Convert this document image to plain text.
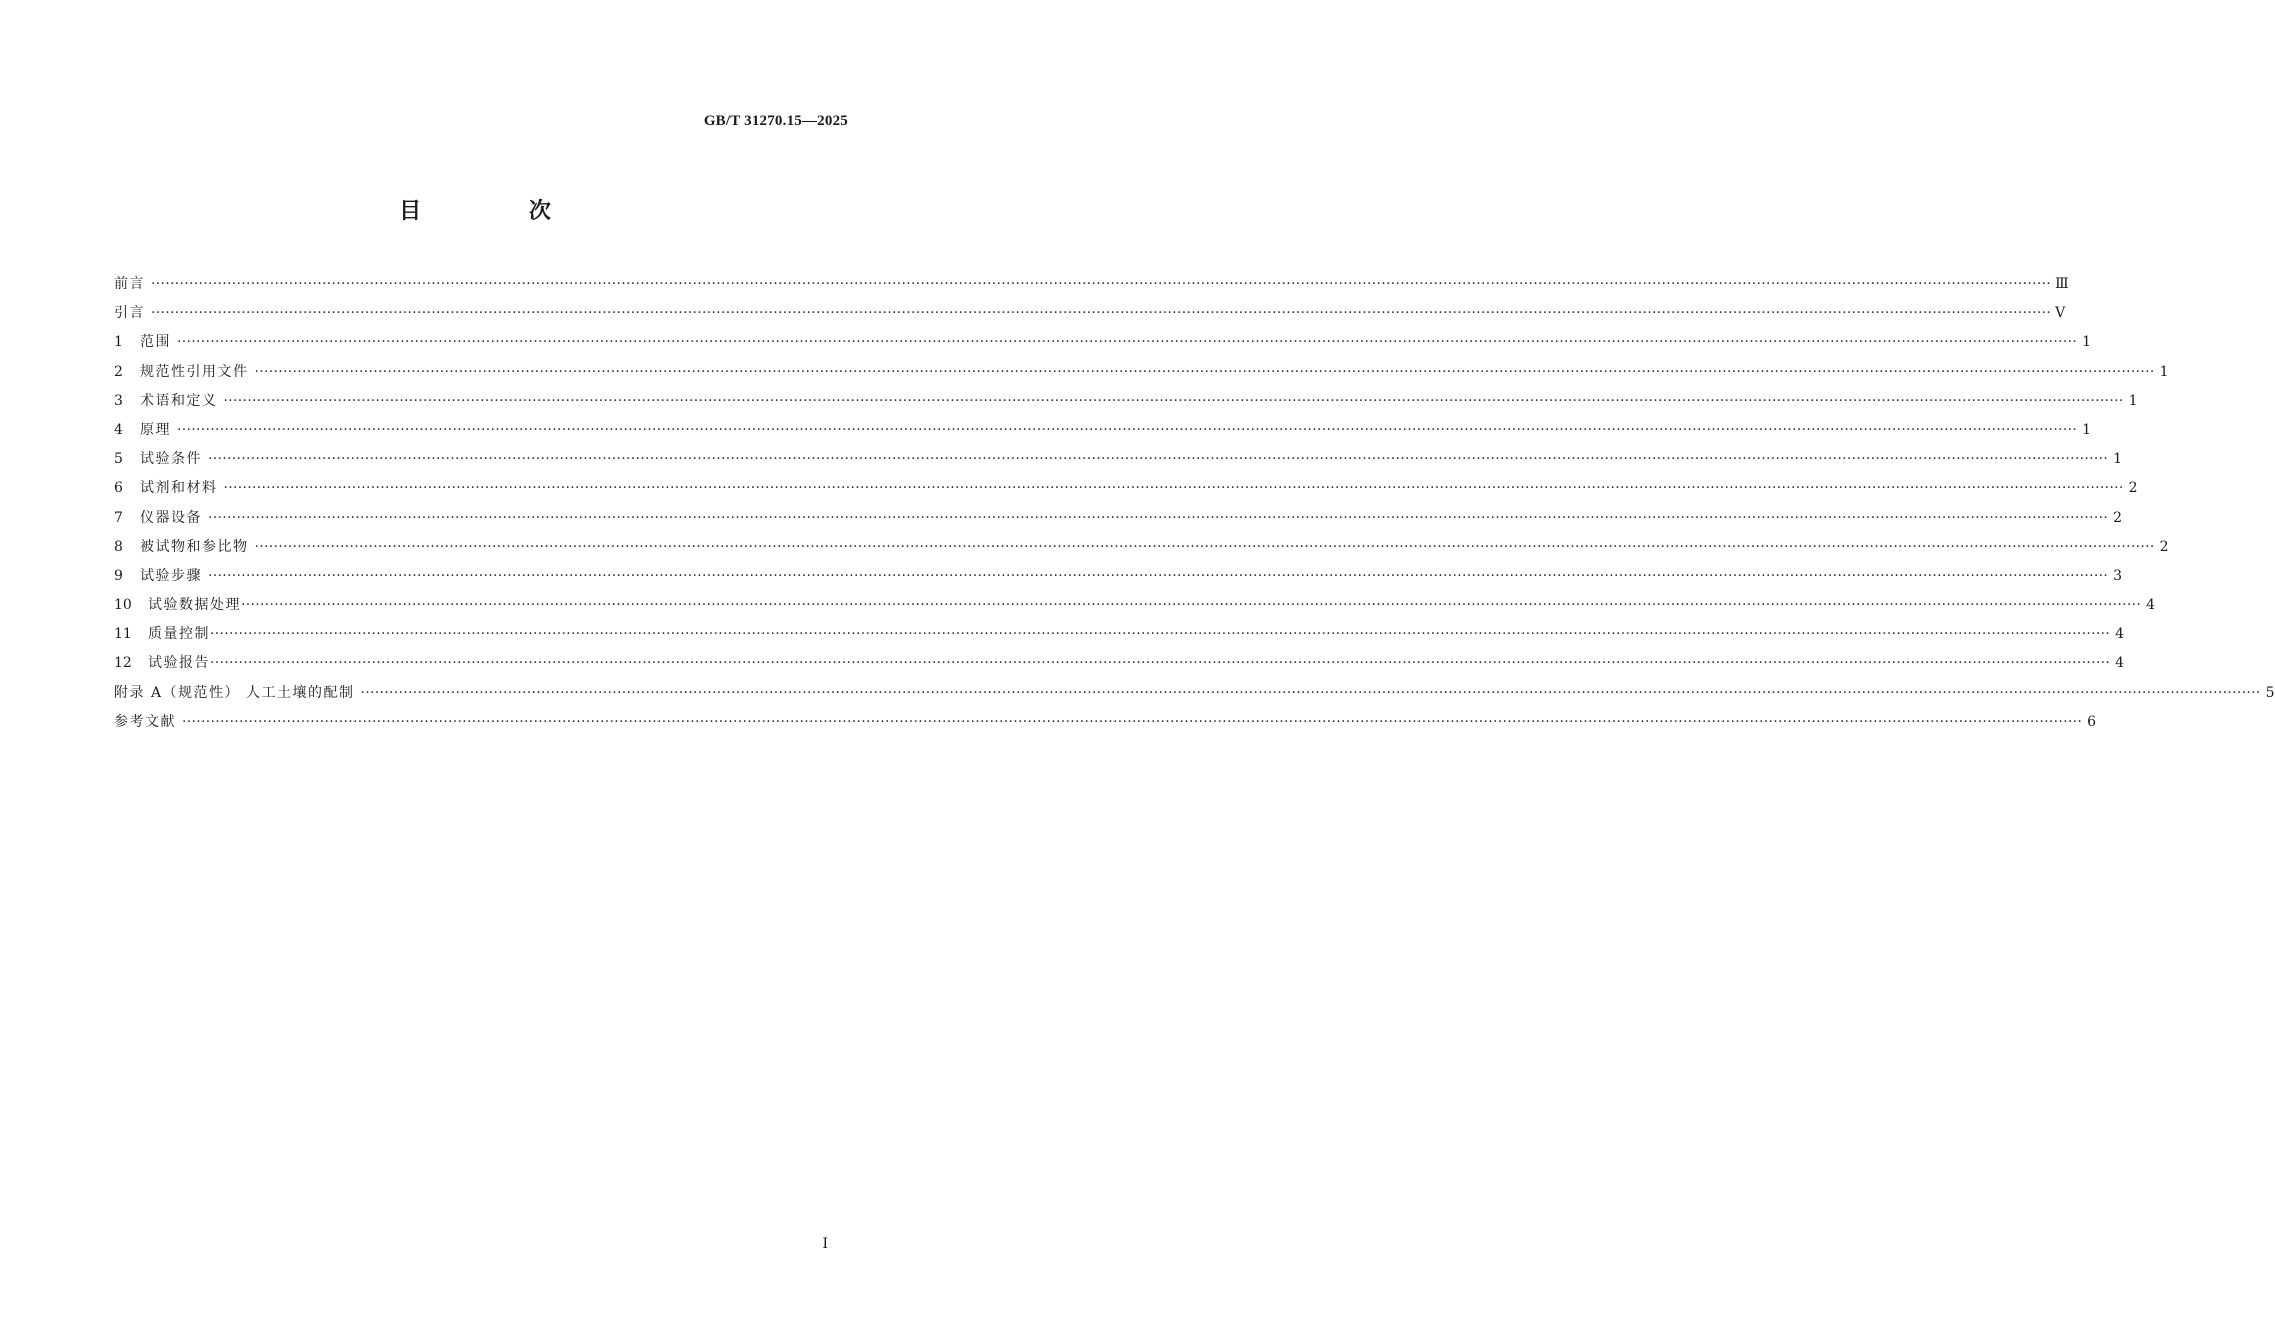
GB/T 31270.15—2025
目 次
前言 ················································································································································································································································································································································································································ Ⅲ
引言 ················································································································································································································································································································································································································ Ⅴ
1	范围 ················································································································································································································································································································································································································ 1
2	规范性引用文件 ················································································································································································································································································································································································································ 1
3	术语和定义 ················································································································································································································································································································································································································ 1
4	原理 ················································································································································································································································································································································································································ 1
5	试验条件 ················································································································································································································································································································································································································ 1
6	试剂和材料 ················································································································································································································································································································································································································ 2
7	仪器设备 ················································································································································································································································································································································································································ 2
8	被试物和参比物 ················································································································································································································································································································································································································ 2
9	试验步骤 ················································································································································································································································································································································································································ 3
10	试验数据处理 ················································································································································································································································································································································································································ 4
11	质量控制 ················································································································································································································································································································································································································ 4
12	试验报告 ················································································································································································································································································································································································································ 4
附录 A（规范性） 人工土壤的配制 ················································································································································································································································································································································································································ 5
参考文献 ················································································································································································································································································································································································································ 6
Ⅰ
